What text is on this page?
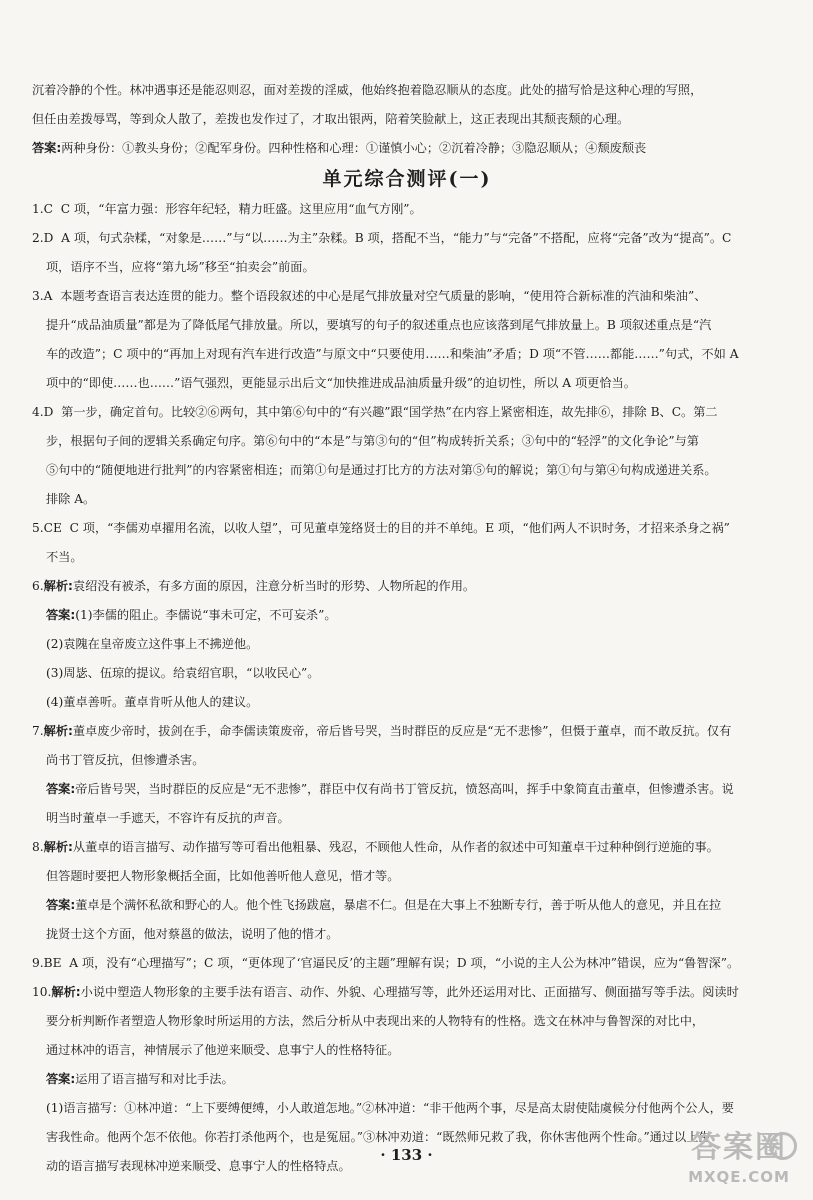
沉着冷静的个性。林冲遇事还是能忍则忍，面对差拨的淫威，他始终抱着隐忍顺从的态度。此处的描写恰是这种心理的写照，

但任由差拨辱骂，等到众人散了，差拨也发作过了，才取出银两，陪着笑脸献上，这正表现出其颓丧颓的心理。

答案:两种身份：①教头身份；②配军身份。四种性格和心理：①谨慎小心；②沉着冷静；③隐忍顺从；④颓废颓丧

单元综合测评(一)

1.C C 项，“年富力强：形容年纪轻，精力旺盛。这里应用“血气方刚”。

2.D A 项，句式杂糅，“对象是……”与“以……为主”杂糅。B 项，搭配不当，“能力”与“完备”不搭配，应将“完备”改为“提高”。C

项，语序不当，应将“第九场”移至“拍卖会”前面。

3.A 本题考查语言表达连贯的能力。整个语段叙述的中心是尾气排放量对空气质量的影响，“使用符合新标准的汽油和柴油”、

提升“成品油质量”都是为了降低尾气排放量。所以，要填写的句子的叙述重点也应该落到尾气排放量上。B 项叙述重点是“汽

车的改造”；C 项中的“再加上对现有汽车进行改造”与原文中“只要使用……和柴油”矛盾；D 项“不管……都能……”句式，不如 A

项中的“即使……也……”语气强烈，更能显示出后文“加快推进成品油质量升级”的迫切性，所以 A 项更恰当。

4.D 第一步，确定首句。比较②⑥两句，其中第⑥句中的“有兴趣”跟“国学热”在内容上紧密相连，故先排⑥，排除 B、C。第二

步，根据句子间的逻辑关系确定句序。第⑥句中的“本是”与第③句的“但”构成转折关系；③句中的“轻浮”的文化争论”与第

⑤句中的“随便地进行批判”的内容紧密相连；而第①句是通过打比方的方法对第⑤句的解说；第①句与第④句构成递进关系。

排除 A。

5.CE C 项，“李儒劝卓擢用名流，以收人望”，可见董卓笼络贤士的目的并不单纯。E 项，“他们两人不识时务，才招来杀身之祸”

不当。

6.解析:袁绍没有被杀，有多方面的原因，注意分析当时的形势、人物所起的作用。

答案:(1)李儒的阻止。李儒说“事未可定，不可妄杀”。

(2)袁隗在皇帝废立这件事上不拂逆他。

(3)周毖、伍琼的提议。给袁绍官职，“以收民心”。

(4)董卓善听。董卓肯听从他人的建议。

7.解析:董卓废少帝时，拔剑在手，命李儒读策废帝，帝后皆号哭，当时群臣的反应是“无不悲惨”，但慑于董卓，而不敢反抗。仅有

尚书丁管反抗，但惨遭杀害。

答案:帝后皆号哭，当时群臣的反应是“无不悲惨”，群臣中仅有尚书丁管反抗，愤怒高叫，挥手中象简直击董卓，但惨遭杀害。说

明当时董卓一手遮天，不容许有反抗的声音。

8.解析:从董卓的语言描写、动作描写等可看出他粗暴、残忍，不顾他人性命，从作者的叙述中可知董卓干过种种倒行逆施的事。

但答题时要把人物形象概括全面，比如他善听他人意见，惜才等。

答案:董卓是个满怀私欲和野心的人。他个性飞扬跋扈，暴虐不仁。但是在大事上不独断专行，善于听从他人的意见，并且在拉

拢贤士这个方面，他对蔡邕的做法，说明了他的惜才。

9.BE A 项，没有“心理描写”；C 项，“更体现了‘官逼民反’的主题”理解有误；D 项，“小说的主人公为林冲”错误，应为“鲁智深”。

10.解析:小说中塑造人物形象的主要手法有语言、动作、外貌、心理描写等，此外还运用对比、正面描写、侧面描写等手法。阅读时

要分析判断作者塑造人物形象时所运用的方法，然后分析从中表现出来的人物特有的性格。选文在林冲与鲁智深的对比中，

通过林冲的语言，神情展示了他逆来顺受、息事宁人的性格特征。

答案:运用了语言描写和对比手法。

(1)语言描写：①林冲道：“上下要缚便缚，小人敢道怎地。”②林冲道：“非干他两个事，尽是高太尉使陆虞候分付他两个公人，要

害我性命。他两个怎不依他。你若打杀他两个，也是冤屈。”③林冲劝道：“既然师兄救了我，你休害他两个性命。”通过以上生

动的语言描写表现林冲逆来顺受、息事宁人的性格特点。

· 133 ·	答案圈
MXQE.COM
